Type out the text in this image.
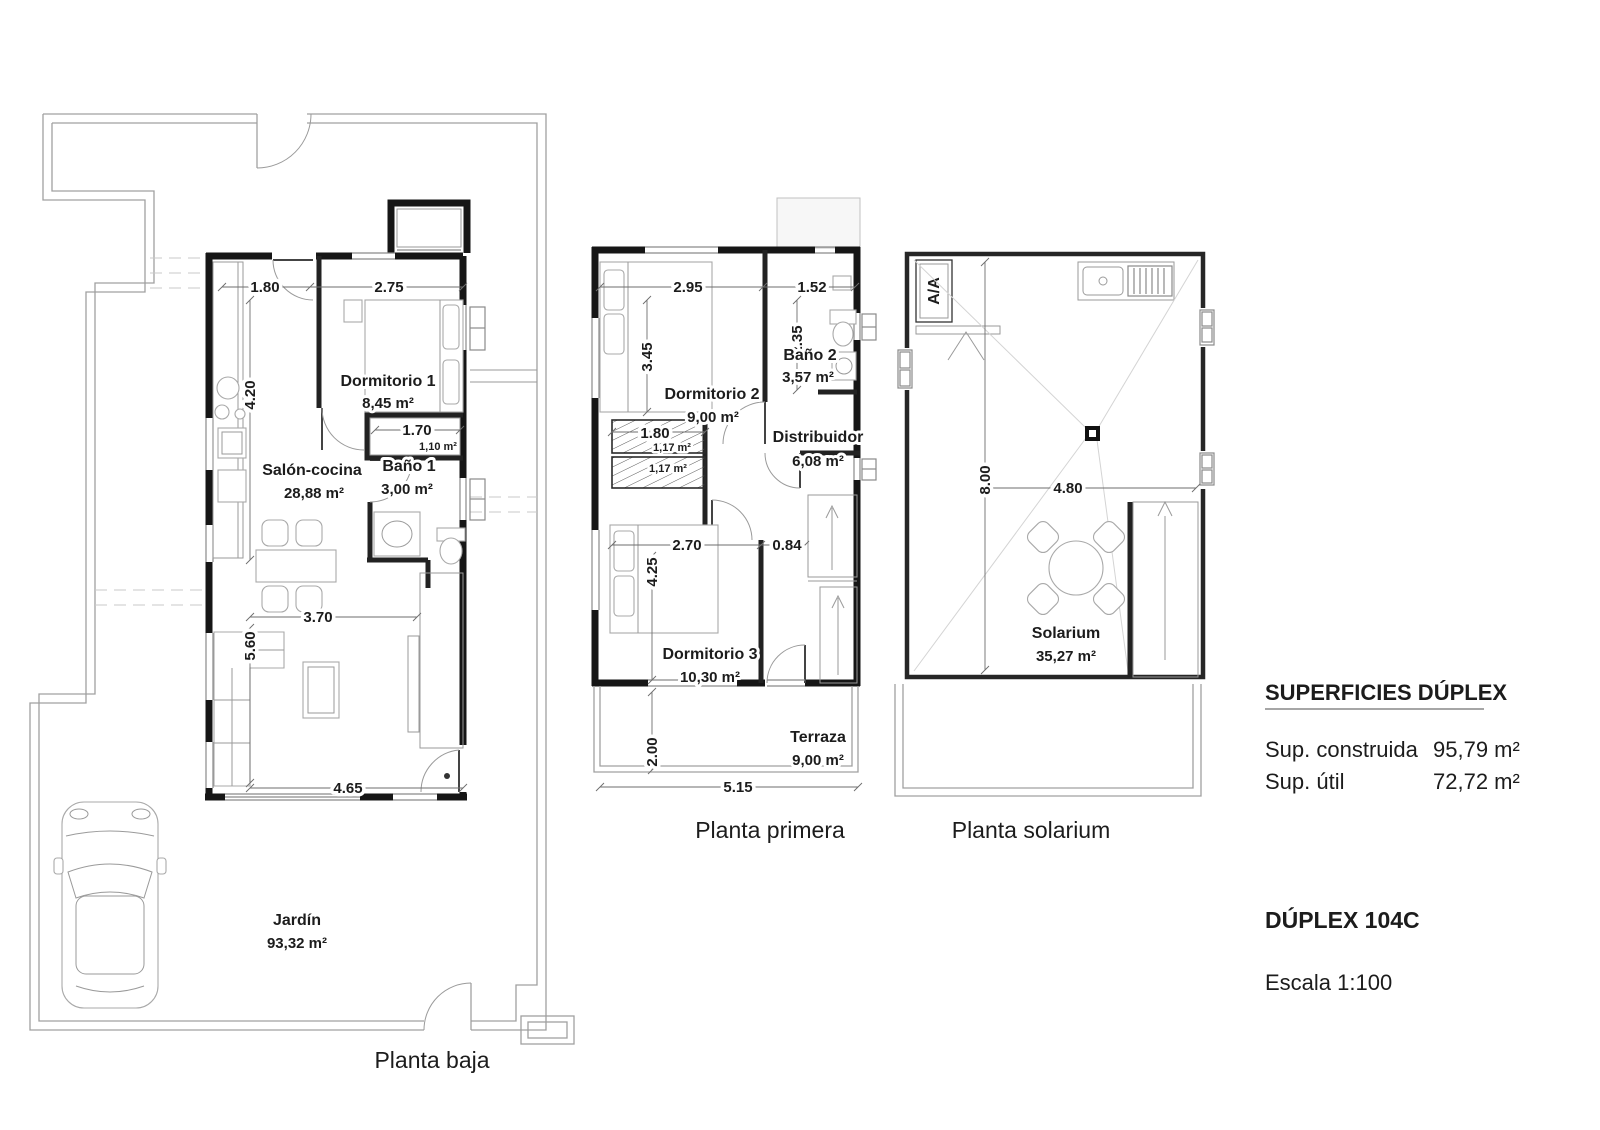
1.80	2.75
4.20
1.70
3.70
5.60
4.65
Dormitorio 1
8,45 m²
1,10 m²
Baño 1
3,00 m²
Salón-cocina
28,88 m²
Jardín
93,32 m²
Planta baja
2.95	1.52
3.45
2.35
1.80
2.70	0.84
4.25
2.00
5.15
Baño 2
3,57 m²
Dormitorio 2
9,00 m²
1,17 m²
1,17 m²
Distribuidor
6,08 m²
Dormitorio 3
10,30 m²
Terraza
9,00 m²
Planta primera
A/A
8.00	4.80
Solarium
35,27 m²
Planta solarium
SUPERFICIES DÚPLEX
Sup. construida 95,79 m²
Sup. útil	72,72 m²
DÚPLEX 104C
Escala 1:100
